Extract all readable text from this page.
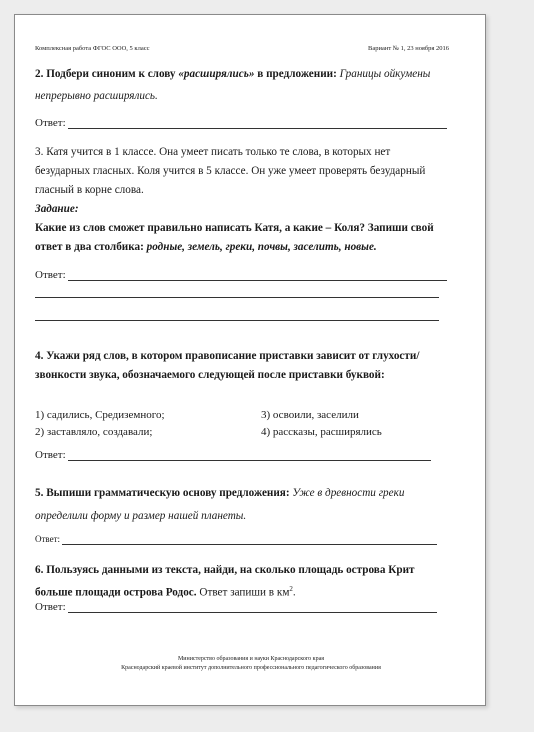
Комплексная работа ФГОС ООО, 5 класс	Вариант № 1, 23 ноября 2016
2. Подбери синоним к слову «расширялись» в предложении: Границы ойкумены непрерывно расширялись.
Ответ:
3. Катя учится в 1 классе. Она умеет писать только те слова, в которых нет безударных гласных. Коля учится в 5 классе. Он уже умеет проверять безударный гласный в корне слова.
Задание:
Какие из слов сможет правильно написать Катя, а какие – Коля? Запиши свой ответ в два столбика: родные, земель, греки, почвы, заселить, новые.
Ответ:
4. Укажи ряд слов, в котором правописание приставки зависит от глухости/звонкости звука, обозначаемого следующей после приставки буквой:
1) садились, Средиземного;	3) освоили, заселили
2) заставляло, создавали;	4) рассказы, расширялись
Ответ:
5. Выпиши грамматическую основу предложения: Уже в древности греки определили форму и размер нашей планеты.
Ответ:
6. Пользуясь данными из текста, найди, на сколько площадь острова Крит больше площади острова Родос. Ответ запиши в $км^2$.
Ответ:
Министерство образования и науки Краснодарского края
Краснодарский краевой институт дополнительного профессионального педагогического образования
